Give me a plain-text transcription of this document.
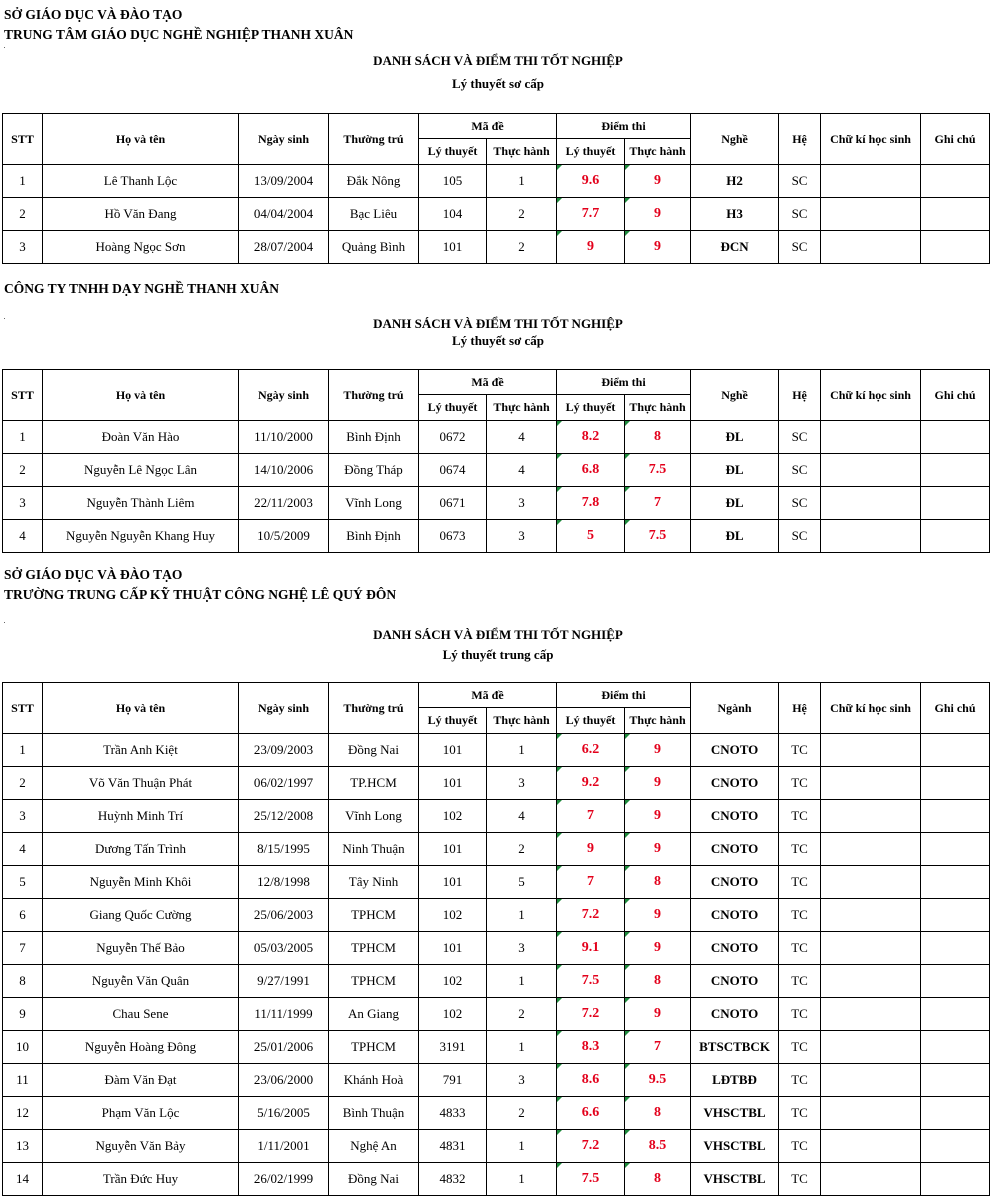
SỞ GIÁO DỤC VÀ ĐÀO TẠO
TRUNG TÂM GIÁO DỤC NGHỀ NGHIỆP THANH XUÂN
DANH SÁCH VÀ ĐIỂM THI TỐT NGHIỆP
Lý thuyết sơ cấp
STT	Họ và tên	Ngày sinh	Thường trú	Mã đề		Điểm thi		Nghề	Hệ	Chữ kí học sinh	Ghi chú
				Lý thuyết	Thực hành	Lý thuyết	Thực hành				
1	Lê Thanh Lộc	13/09/2004	Đắk Nông	105	1	9.6	9	H2	SC		
2	Hồ Văn Đang	04/04/2004	Bạc Liêu	104	2	7.7	9	H3	SC		
3	Hoàng Ngọc Sơn	28/07/2004	Quảng Bình	101	2	9	9	ĐCN	SC		
CÔNG TY TNHH DẠY NGHỀ THANH XUÂN
DANH SÁCH VÀ ĐIỂM THI TỐT NGHIỆP
Lý thuyết sơ cấp
STT	Họ và tên	Ngày sinh	Thường trú	Mã đề		Điểm thi		Nghề	Hệ	Chữ kí học sinh	Ghi chú
				Lý thuyết	Thực hành	Lý thuyết	Thực hành				
1	Đoàn Văn Hào	11/10/2000	Bình Định	0672	4	8.2	8	ĐL	SC		
2	Nguyễn Lê Ngọc Lân	14/10/2006	Đồng Tháp	0674	4	6.8	7.5	ĐL	SC		
3	Nguyễn Thành Liêm	22/11/2003	Vĩnh Long	0671	3	7.8	7	ĐL	SC		
4	Nguyễn Nguyễn Khang Huy	10/5/2009	Bình Định	0673	3	5	7.5	ĐL	SC		
SỞ GIÁO DỤC VÀ ĐÀO TẠO
TRƯỜNG TRUNG CẤP KỸ THUẬT CÔNG NGHỆ LÊ QUÝ ĐÔN
DANH SÁCH VÀ ĐIỂM THI TỐT NGHIỆP
Lý thuyết trung cấp
STT	Họ và tên	Ngày sinh	Thường trú	Mã đề		Điểm thi		Ngành	Hệ	Chữ kí học sinh	Ghi chú
				Lý thuyết	Thực hành	Lý thuyết	Thực hành				
1	Trần Anh Kiệt	23/09/2003	Đồng Nai	101	1	6.2	9	CNOTO	TC		
2	Võ Văn Thuận Phát	06/02/1997	TP.HCM	101	3	9.2	9	CNOTO	TC		
3	Huỳnh Minh Trí	25/12/2008	Vĩnh Long	102	4	7	9	CNOTO	TC		
4	Dương Tấn Trình	8/15/1995	Ninh Thuận	101	2	9	9	CNOTO	TC		
5	Nguyễn Minh Khôi	12/8/1998	Tây Ninh	101	5	7	8	CNOTO	TC		
6	Giang Quốc Cường	25/06/2003	TPHCM	102	1	7.2	9	CNOTO	TC		
7	Nguyễn Thế Bảo	05/03/2005	TPHCM	101	3	9.1	9	CNOTO	TC		
8	Nguyễn Văn Quân	9/27/1991	TPHCM	102	1	7.5	8	CNOTO	TC		
9	Chau Sene	11/11/1999	An Giang	102	2	7.2	9	CNOTO	TC		
10	Nguyễn Hoàng Đông	25/01/2006	TPHCM	3191	1	8.3	7	BTSCTBCK	TC		
11	Đàm Văn Đạt	23/06/2000	Khánh Hoà	791	3	8.6	9.5	LĐTBĐ	TC		
12	Phạm Văn Lộc	5/16/2005	Bình Thuận	4833	2	6.6	8	VHSCTBL	TC		
13	Nguyễn Văn Bảy	1/11/2001	Nghệ An	4831	1	7.2	8.5	VHSCTBL	TC		
14	Trần Đức Huy	26/02/1999	Đồng Nai	4832	1	7.5	8	VHSCTBL	TC		
